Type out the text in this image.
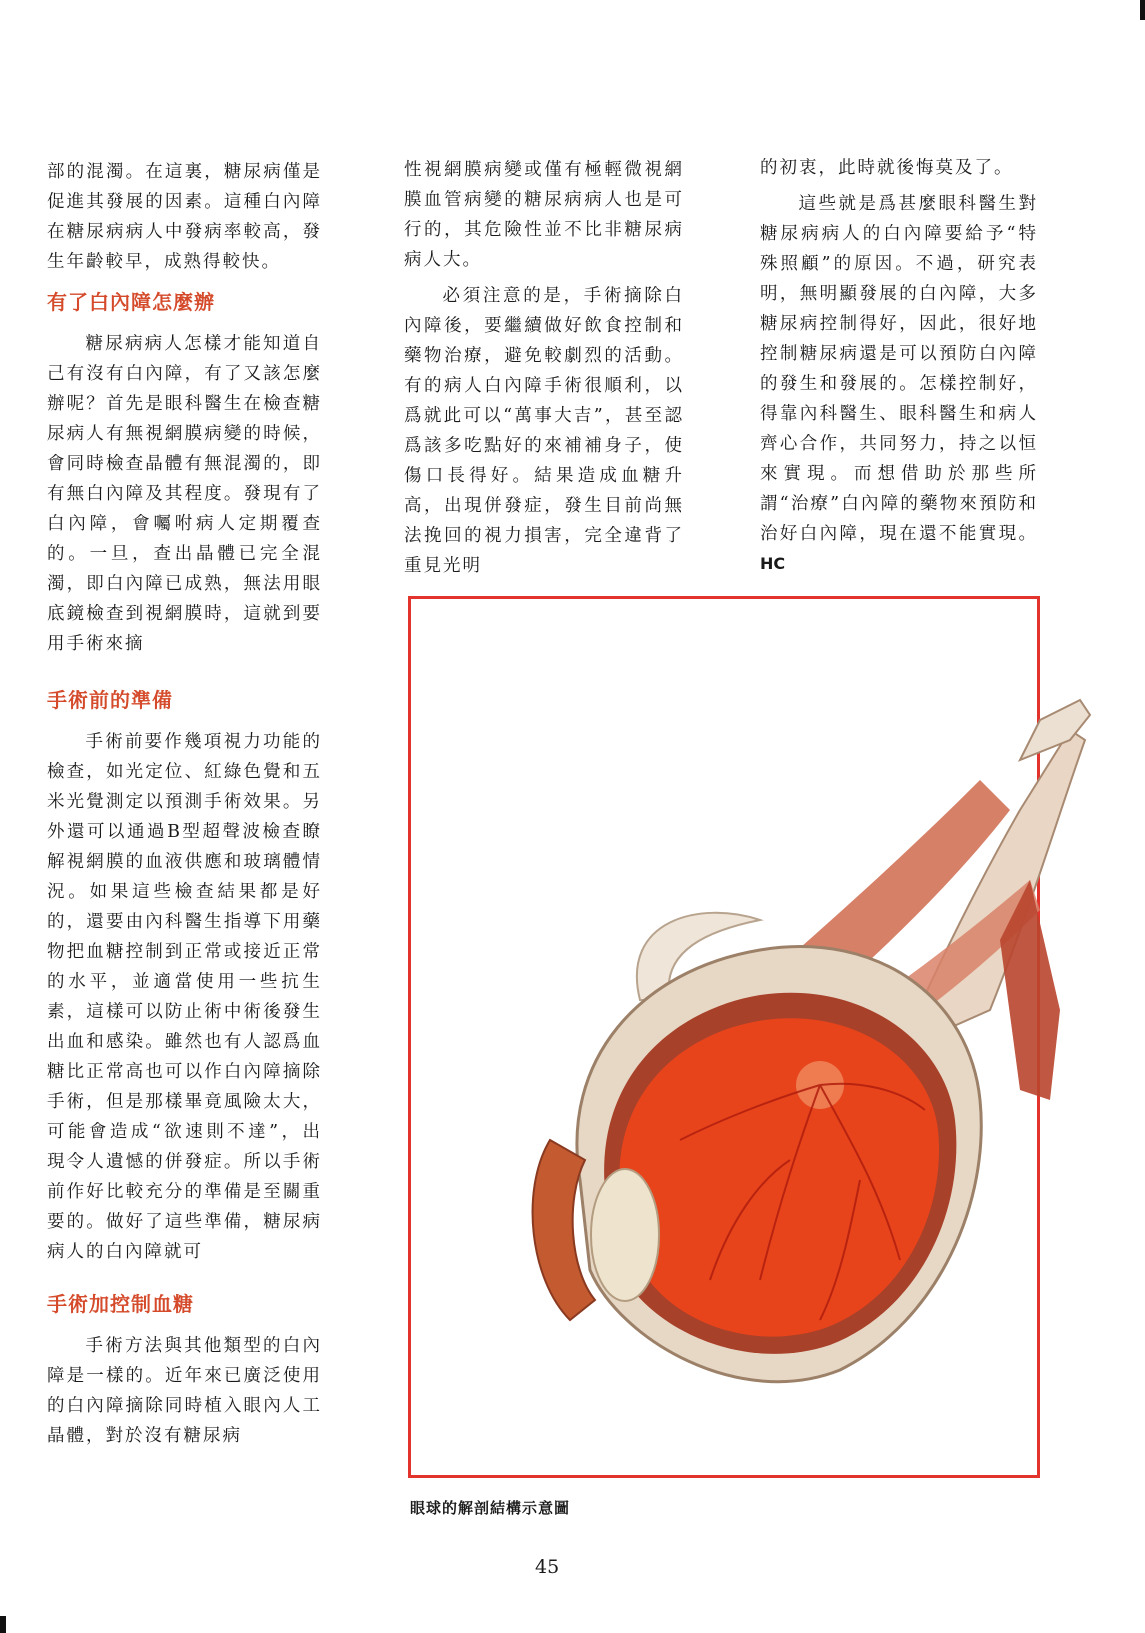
部的混濁。在這裏，糖尿病僅是促進其發展的因素。這種白內障在糖尿病病人中發病率較高，發生年齡較早，成熟得較快。

有了白內障怎麼辦

糖尿病病人怎樣才能知道自己有沒有白內障，有了又該怎麼辦呢？首先是眼科醫生在檢查糖尿病人有無視網膜病變的時候，會同時檢查晶體有無混濁的，即有無白內障及其程度。發現有了白內障，會囑咐病人定期覆查的。一旦，查出晶體已完全混濁，即白內障已成熟，無法用眼底鏡檢查到視網膜時，這就到要用手術來摘

手術前的準備

手術前要作幾項視力功能的檢查，如光定位、紅綠色覺和五米光覺測定以預測手術效果。另外還可以通過B型超聲波檢查瞭解視網膜的血液供應和玻璃體情況。如果這些檢查結果都是好的，還要由內科醫生指導下用藥物把血糖控制到正常或接近正常的水平，並適當使用一些抗生素，這樣可以防止術中術後發生出血和感染。雖然也有人認爲血糖比正常高也可以作白內障摘除手術，但是那樣畢竟風險太大，可能會造成“欲速則不達”，出現令人遺憾的併發症。所以手術前作好比較充分的準備是至關重要的。做好了這些準備，糖尿病病人的白內障就可

手術加控制血糖

手術方法與其他類型的白內障是一樣的。近年來已廣泛使用的白內障摘除同時植入眼內人工晶體，對於沒有糖尿病

性視網膜病變或僅有極輕微視網膜血管病變的糖尿病病人也是可行的，其危險性並不比非糖尿病病人大。

必須注意的是，手術摘除白內障後，要繼續做好飲食控制和藥物治療，避免較劇烈的活動。有的病人白內障手術很順利，以爲就此可以“萬事大吉”，甚至認爲該多吃點好的來補補身子，使傷口長得好。結果造成血糖升高，出現併發症，發生目前尚無法挽回的視力損害，完全違背了重見光明

的初衷，此時就後悔莫及了。

這些就是爲甚麼眼科醫生對糖尿病病人的白內障要給予“特殊照顧”的原因。不過，研究表明，無明顯發展的白內障，大多糖尿病控制得好，因此，很好地控制糖尿病還是可以預防白內障的發生和發展的。怎樣控制好，得靠內科醫生、眼科醫生和病人齊心合作，共同努力，持之以恒來實現。而想借助於那些所謂“治療”白內障的藥物來預防和治好白內障，現在還不能實現。HC

眼球的解剖結構示意圖
45
